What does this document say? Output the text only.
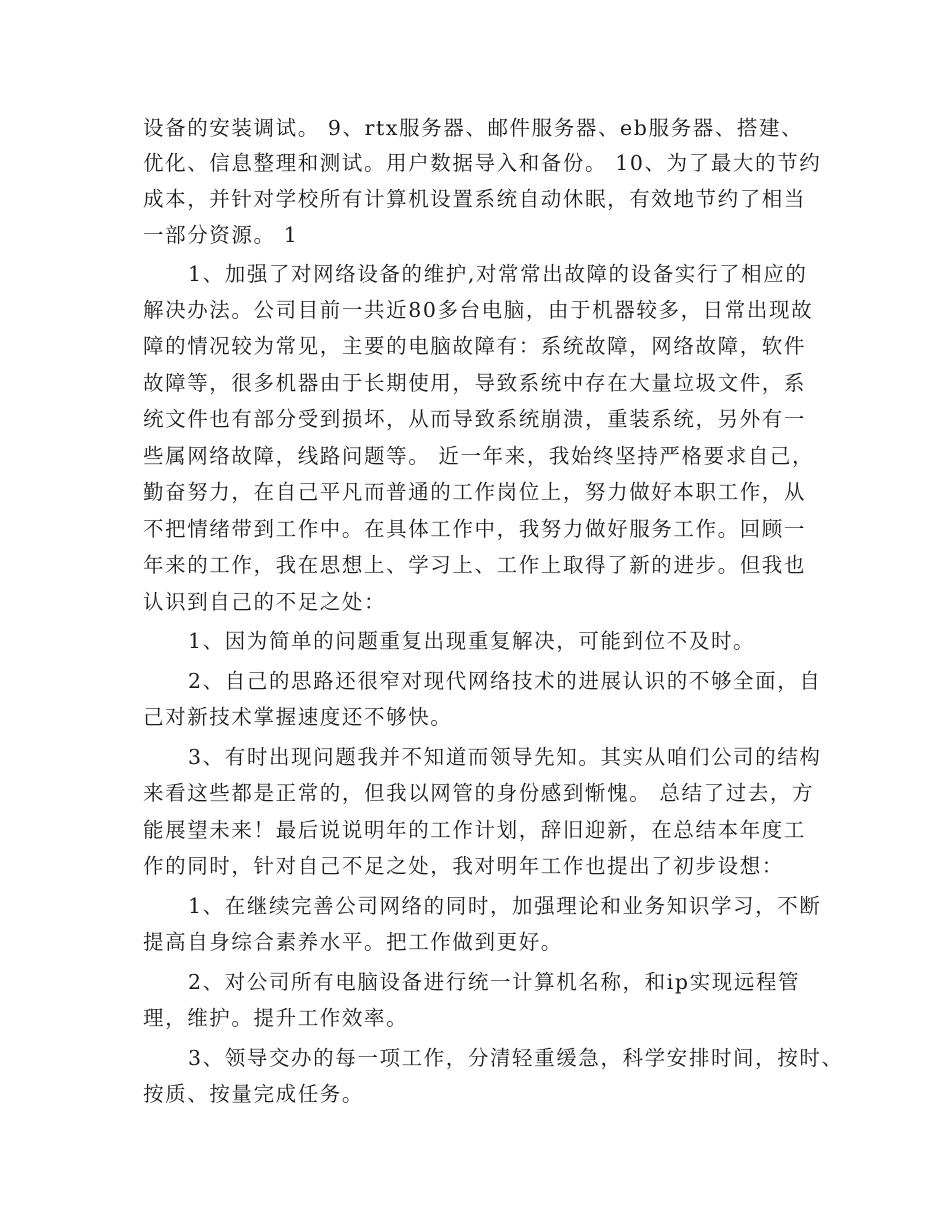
设备的安装调试。 9、rtx服务器、邮件服务器、eb服务器、搭建、
优化、信息整理和测试。用户数据导入和备份。 10、为了最大的节约
成本，并针对学校所有计算机设置系统自动休眠，有效地节约了相当
一部分资源。 1
1、加强了对网络设备的维护,对常常出故障的设备实行了相应的
解决办法。公司目前一共近80多台电脑，由于机器较多，日常出现故
障的情况较为常见，主要的电脑故障有：系统故障，网络故障，软件
故障等，很多机器由于长期使用，导致系统中存在大量垃圾文件，系
统文件也有部分受到损坏，从而导致系统崩溃，重装系统，另外有一
些属网络故障，线路问题等。 近一年来，我始终坚持严格要求自己，
勤奋努力，在自己平凡而普通的工作岗位上，努力做好本职工作，从
不把情绪带到工作中。在具体工作中，我努力做好服务工作。回顾一
年来的工作，我在思想上、学习上、工作上取得了新的进步。但我也
认识到自己的不足之处：
1、因为简单的问题重复出现重复解决，可能到位不及时。
2、自己的思路还很窄对现代网络技术的进展认识的不够全面，自
己对新技术掌握速度还不够快。
3、有时出现问题我并不知道而领导先知。其实从咱们公司的结构
来看这些都是正常的，但我以网管的身份感到惭愧。 总结了过去，方
能展望未来！最后说说明年的工作计划，辞旧迎新，在总结本年度工
作的同时，针对自己不足之处，我对明年工作也提出了初步设想：
1、在继续完善公司网络的同时，加强理论和业务知识学习，不断
提高自身综合素养水平。把工作做到更好。
2、对公司所有电脑设备进行统一计算机名称，和ip实现远程管
理，维护。提升工作效率。
3、领导交办的每一项工作，分清轻重缓急，科学安排时间，按时、
按质、按量完成任务。
